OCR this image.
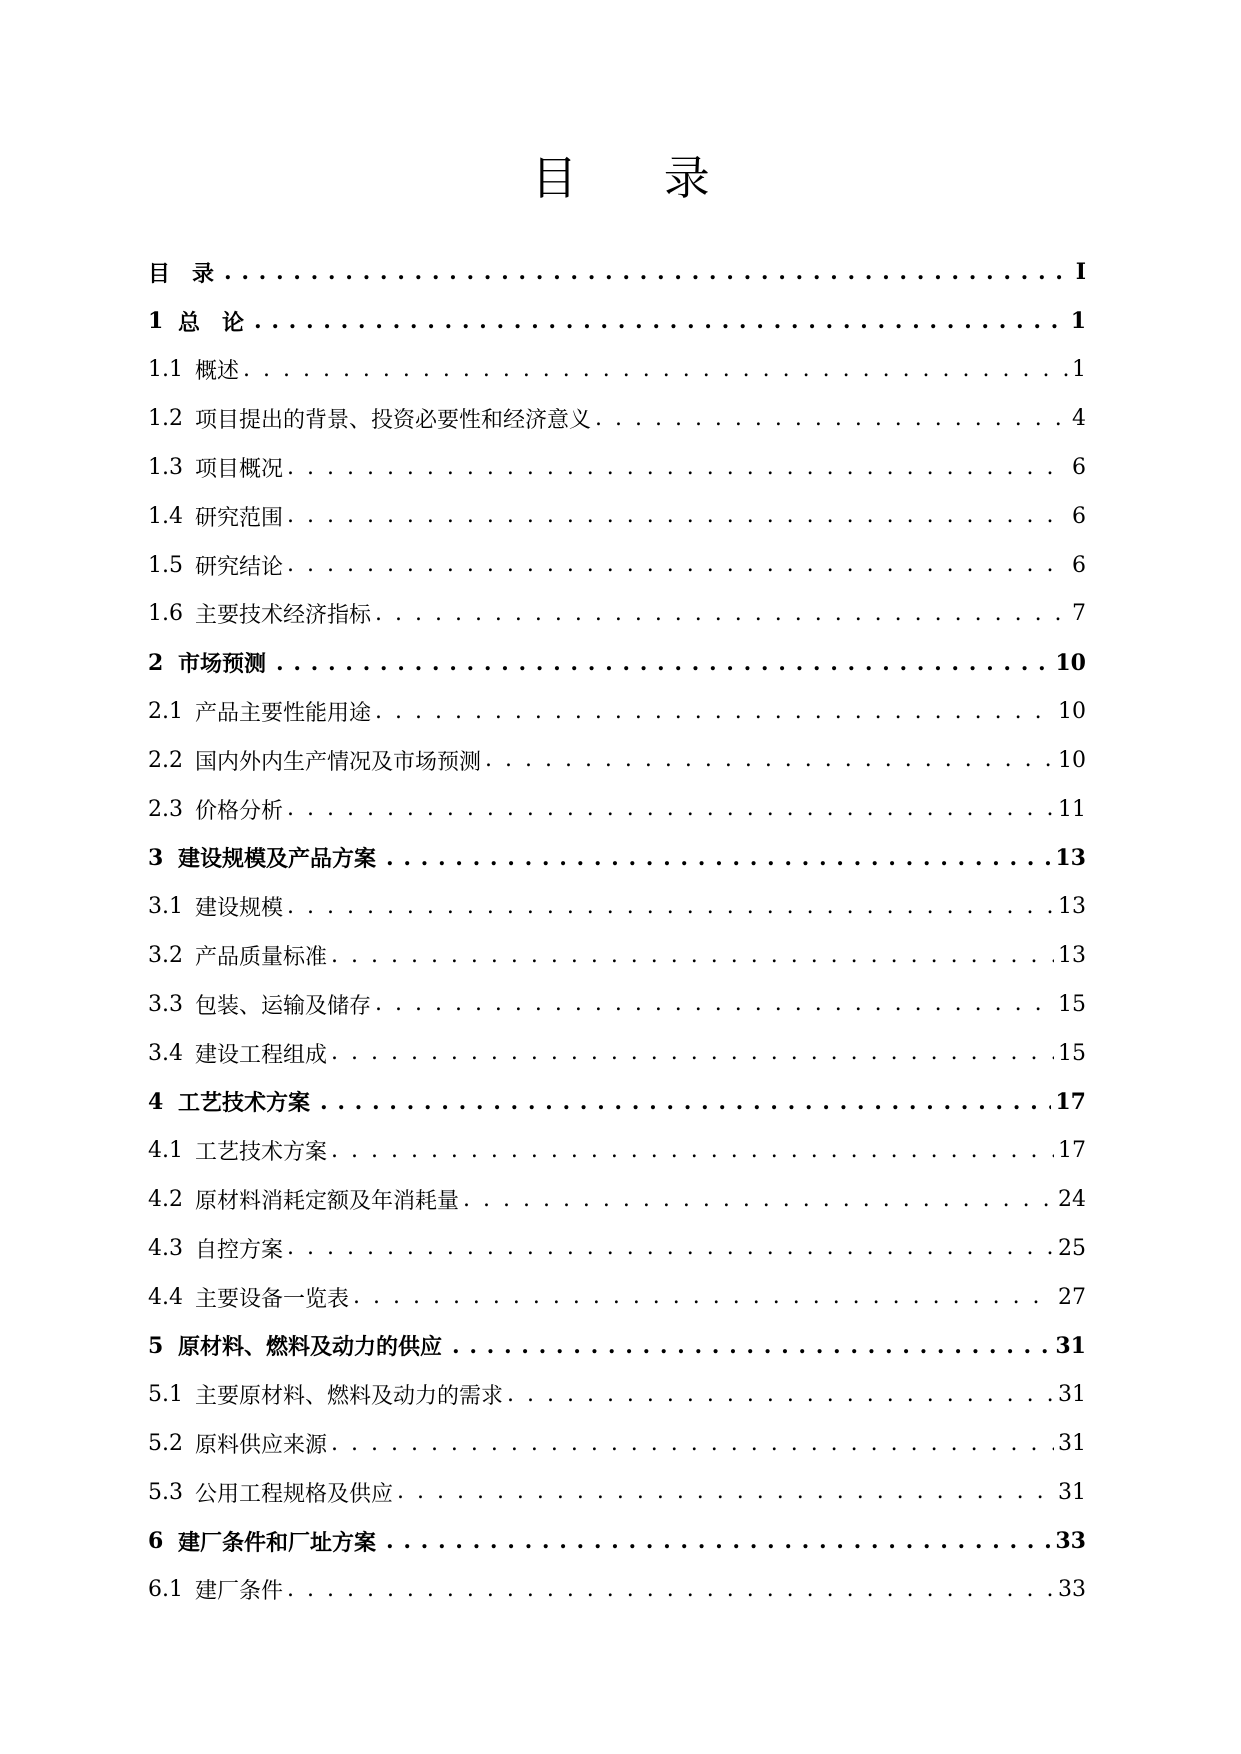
目 录
目　录 . . .	I
1 总　论 . . .	1
1.1 概述 . . .	1
1.2 项目提出的背景、投资必要性和经济意义 . . .	4
1.3 项目概况 . . .	6
1.4 研究范围 . . .	6
1.5 研究结论 . . .	6
1.6 主要技术经济指标 . . .	7
2 市场预测 . . .	10
2.1 产品主要性能用途 . . .	10
2.2 国内外内生产情况及市场预测 . . .	10
2.3 价格分析 . . .	11
3 建设规模及产品方案 . . .	13
3.1 建设规模 . . .	13
3.2 产品质量标准 . . .	13
3.3 包装、运输及储存 . . .	15
3.4 建设工程组成 . . .	15
4 工艺技术方案 . . .	17
4.1 工艺技术方案 . . .	17
4.2 原材料消耗定额及年消耗量 . . .	24
4.3 自控方案 . . .	25
4.4 主要设备一览表 . . .	27
5 原材料、燃料及动力的供应 . . .	31
5.1 主要原材料、燃料及动力的需求 . . .	31
5.2 原料供应来源 . . .	31
5.3 公用工程规格及供应 . . .	31
6 建厂条件和厂址方案 . . .	33
6.1 建厂条件 . . .	33
